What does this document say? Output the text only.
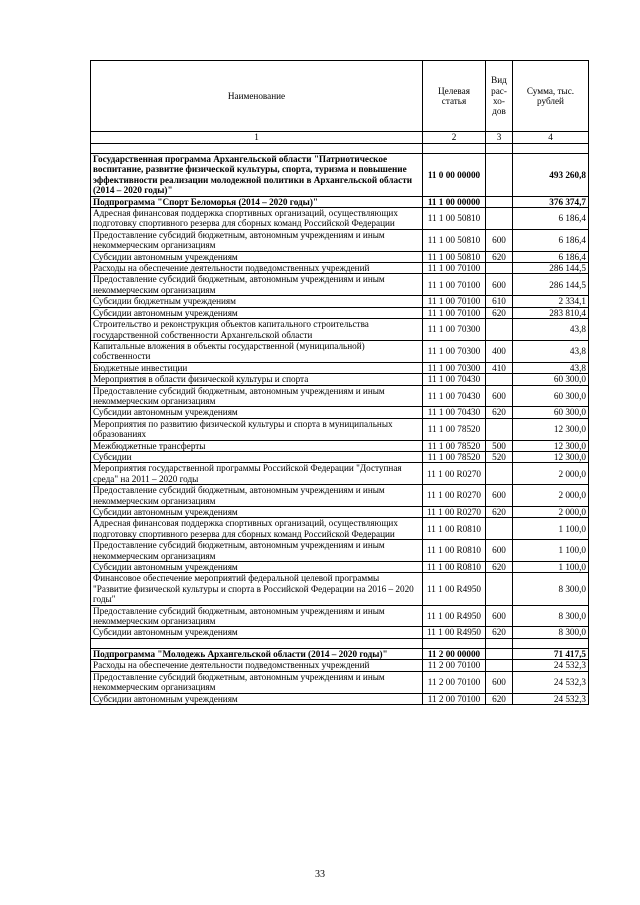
Наименование	Целевая статья	Вид рас-хо-дов	Сумма, тыс. рублей
1	2	3	4

Государственная программа Архангельской области "Патриотическое воспитание, развитие физической культуры, спорта, туризма и повышение эффективности реализации молодежной политики в Архангельской области (2014 – 2020 годы)"	11 0 00 00000		493 260,8
Подпрограмма "Спорт Беломорья (2014 – 2020 годы)"	11 1 00 00000		376 374,7
Адресная финансовая поддержка спортивных организаций, осуществляющих подготовку спортивного резерва для сборных команд Российской Федерации	11 1 00 50810		6 186,4
Предоставление субсидий бюджетным, автономным учреждениям и иным некоммерческим организациям	11 1 00 50810	600	6 186,4
Субсидии автономным учреждениям	11 1 00 50810	620	6 186,4
Расходы на обеспечение деятельности подведомственных учреждений	11 1 00 70100		286 144,5
Предоставление субсидий бюджетным, автономным учреждениям и иным некоммерческим организациям	11 1 00 70100	600	286 144,5
Субсидии бюджетным учреждениям	11 1 00 70100	610	2 334,1
Субсидии автономным учреждениям	11 1 00 70100	620	283 810,4
Строительство и реконструкция объектов капитального строительства государственной собственности Архангельской области	11 1 00 70300		43,8
Капитальные вложения в объекты государственной (муниципальной) собственности	11 1 00 70300	400	43,8
Бюджетные инвестиции	11 1 00 70300	410	43,8
Мероприятия в области физической культуры и спорта	11 1 00 70430		60 300,0
Предоставление субсидий бюджетным, автономным учреждениям и иным некоммерческим организациям	11 1 00 70430	600	60 300,0
Субсидии автономным учреждениям	11 1 00 70430	620	60 300,0
Мероприятия по развитию физической культуры и спорта в муниципальных образованиях	11 1 00 78520		12 300,0
Межбюджетные трансферты	11 1 00 78520	500	12 300,0
Субсидии	11 1 00 78520	520	12 300,0
Мероприятия государственной программы Российской Федерации "Доступная среда" на 2011 – 2020 годы	11 1 00 R0270		2 000,0
Предоставление субсидий бюджетным, автономным учреждениям и иным некоммерческим организациям	11 1 00 R0270	600	2 000,0
Субсидии автономным учреждениям	11 1 00 R0270	620	2 000,0
Адресная финансовая поддержка спортивных организаций, осуществляющих подготовку спортивного резерва для сборных команд Российской Федерации	11 1 00 R0810		1 100,0
Предоставление субсидий бюджетным, автономным учреждениям и иным некоммерческим организациям	11 1 00 R0810	600	1 100,0
Субсидии автономным учреждениям	11 1 00 R0810	620	1 100,0
Финансовое обеспечение мероприятий федеральной целевой программы "Развитие физической культуры и спорта в Российской Федерации на 2016 – 2020 годы"	11 1 00 R4950		8 300,0
Предоставление субсидий бюджетным, автономным учреждениям и иным некоммерческим организациям	11 1 00 R4950	600	8 300,0
Субсидии автономным учреждениям	11 1 00 R4950	620	8 300,0

Подпрограмма "Молодежь Архангельской области (2014 – 2020 годы)"	11 2 00 00000		71 417,5
Расходы на обеспечение деятельности подведомственных учреждений	11 2 00 70100		24 532,3
Предоставление субсидий бюджетным, автономным учреждениям и иным некоммерческим организациям	11 2 00 70100	600	24 532,3
Субсидии автономным учреждениям	11 2 00 70100	620	24 532,3
33
